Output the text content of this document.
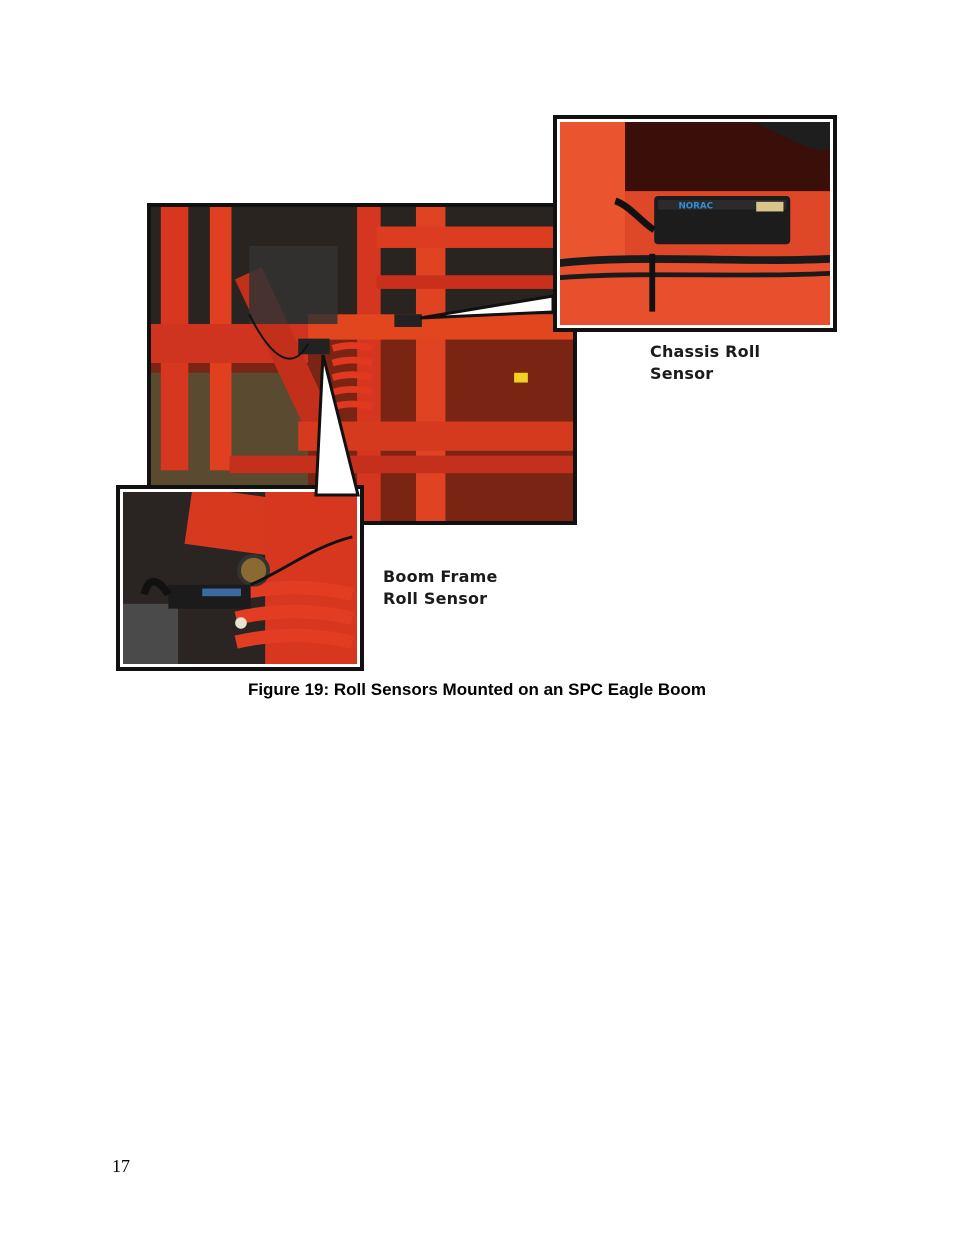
NORAC

Chassis Roll
Sensor

Boom Frame
Roll Sensor

Figure 19: Roll Sensors Mounted on an SPC Eagle Boom

17
